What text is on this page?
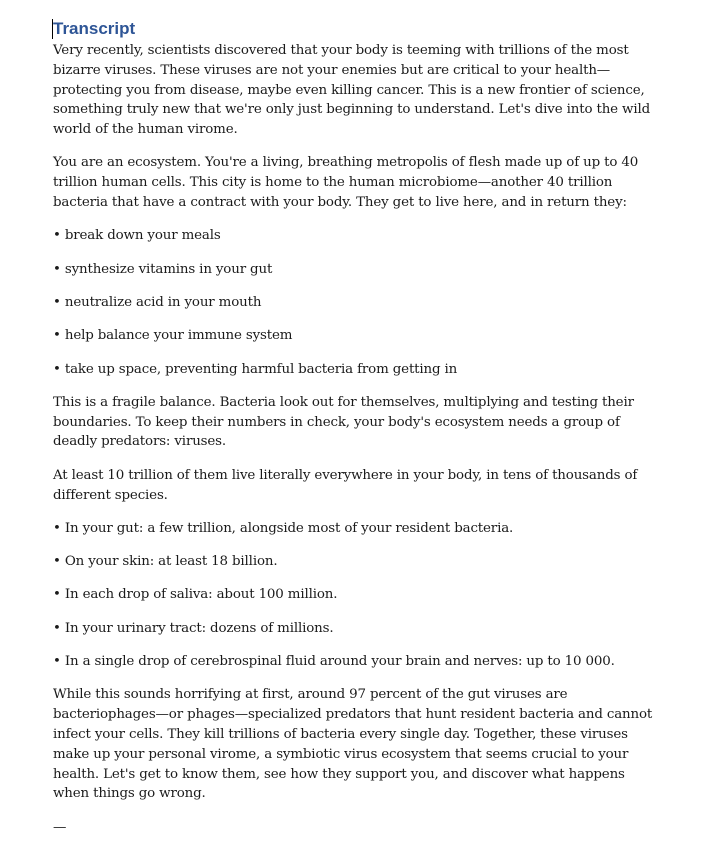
Transcript

Very recently, scientists discovered that your body is teeming with trillions of the most bizarre viruses. These viruses are not your enemies but are critical to your health—protecting you from disease, maybe even killing cancer. This is a new frontier of science, something truly new that we're only just beginning to understand. Let's dive into the wild world of the human virome.

You are an ecosystem. You're a living, breathing metropolis of flesh made up of up to 40 trillion human cells. This city is home to the human microbiome—another 40 trillion bacteria that have a contract with your body. They get to live here, and in return they:

• break down your meals

• synthesize vitamins in your gut

• neutralize acid in your mouth

• help balance your immune system

• take up space, preventing harmful bacteria from getting in

This is a fragile balance. Bacteria look out for themselves, multiplying and testing their boundaries. To keep their numbers in check, your body's ecosystem needs a group of deadly predators: viruses.

At least 10 trillion of them live literally everywhere in your body, in tens of thousands of different species.

• In your gut: a few trillion, alongside most of your resident bacteria.

• On your skin: at least 18 billion.

• In each drop of saliva: about 100 million.

• In your urinary tract: dozens of millions.

• In a single drop of cerebrospinal fluid around your brain and nerves: up to 10 000.

While this sounds horrifying at first, around 97 percent of the gut viruses are bacteriophages—or phages—specialized predators that hunt resident bacteria and cannot infect your cells. They kill trillions of bacteria every single day. Together, these viruses make up your personal virome, a symbiotic virus ecosystem that seems crucial to your health. Let's get to know them, see how they support you, and discover what happens when things go wrong.

—
